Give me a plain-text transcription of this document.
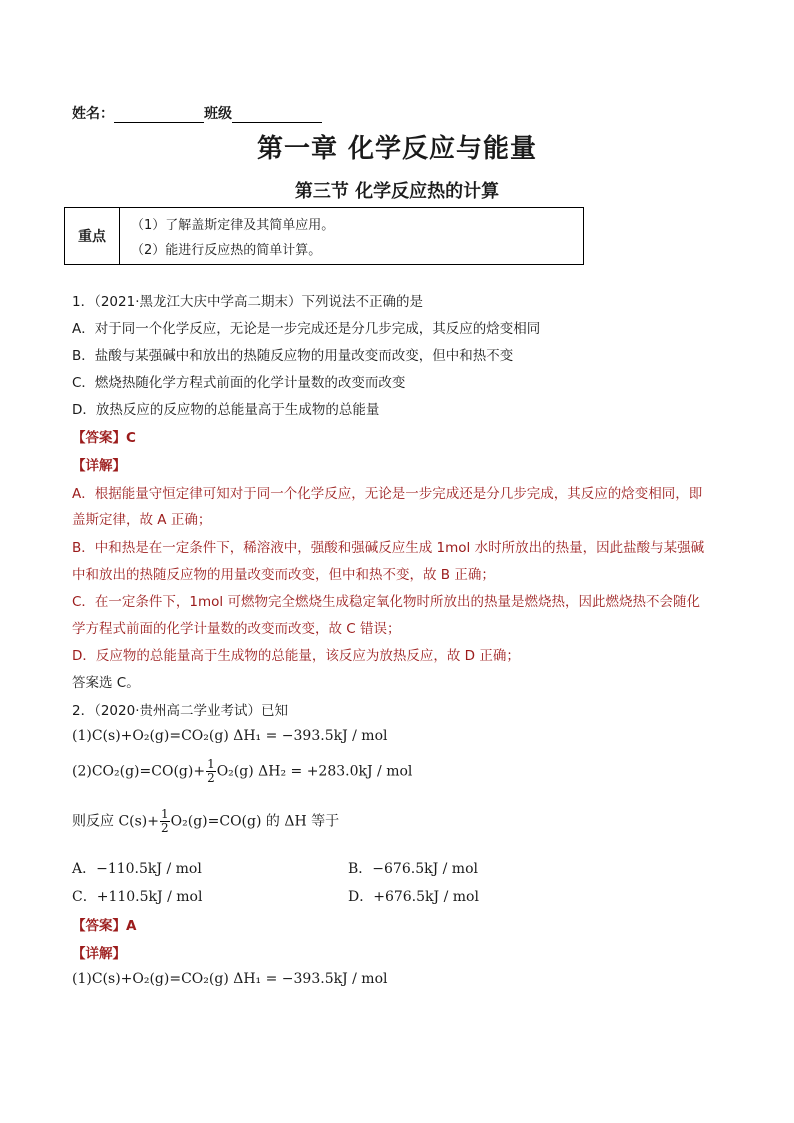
姓名：	班级
第一章 化学反应与能量
第三节 化学反应热的计算
重点
（1）了解盖斯定律及其简单应用。
（2）能进行反应热的简单计算。
1．（2021·黑龙江大庆中学高二期末）下列说法不正确的是
A．对于同一个化学反应，无论是一步完成还是分几步完成，其反应的焓变相同
B．盐酸与某强碱中和放出的热随反应物的用量改变而改变，但中和热不变
C．燃烧热随化学方程式前面的化学计量数的改变而改变
D．放热反应的反应物的总能量高于生成物的总能量
【答案】C
【详解】
A．根据能量守恒定律可知对于同一个化学反应，无论是一步完成还是分几步完成，其反应的焓变相同，即
盖斯定律，故 A 正确；
B．中和热是在一定条件下，稀溶液中，强酸和强碱反应生成 1mol 水时所放出的热量，因此盐酸与某强碱
中和放出的热随反应物的用量改变而改变，但中和热不变，故 B 正确；
C．在一定条件下，1mol 可燃物完全燃烧生成稳定氧化物时所放出的热量是燃烧热，因此燃烧热不会随化
学方程式前面的化学计量数的改变而改变，故 C 错误；
D．反应物的总能量高于生成物的总能量，该反应为放热反应，故 D 正确；
答案选 C。
2．（2020·贵州高二学业考试）已知
(1)C(s)+O₂(g)=CO₂(g) ΔH₁ = −393.5kJ / mol
$(2)CO_2(g)=CO(g)+ \frac{1}{2} O_2(g) \Delta H_2 = +283.0kJ$ / mol
则反应 $C(s)+ \frac{1}{2} O_2(g)=CO(g)$ 的 ΔH 等于
A．−110.5kJ / mol	B．−676.5kJ / mol
C．+110.5kJ / mol	D．+676.5kJ / mol
【答案】A
【详解】
(1)C(s)+O₂(g)=CO₂(g) ΔH₁ = −393.5kJ / mol
